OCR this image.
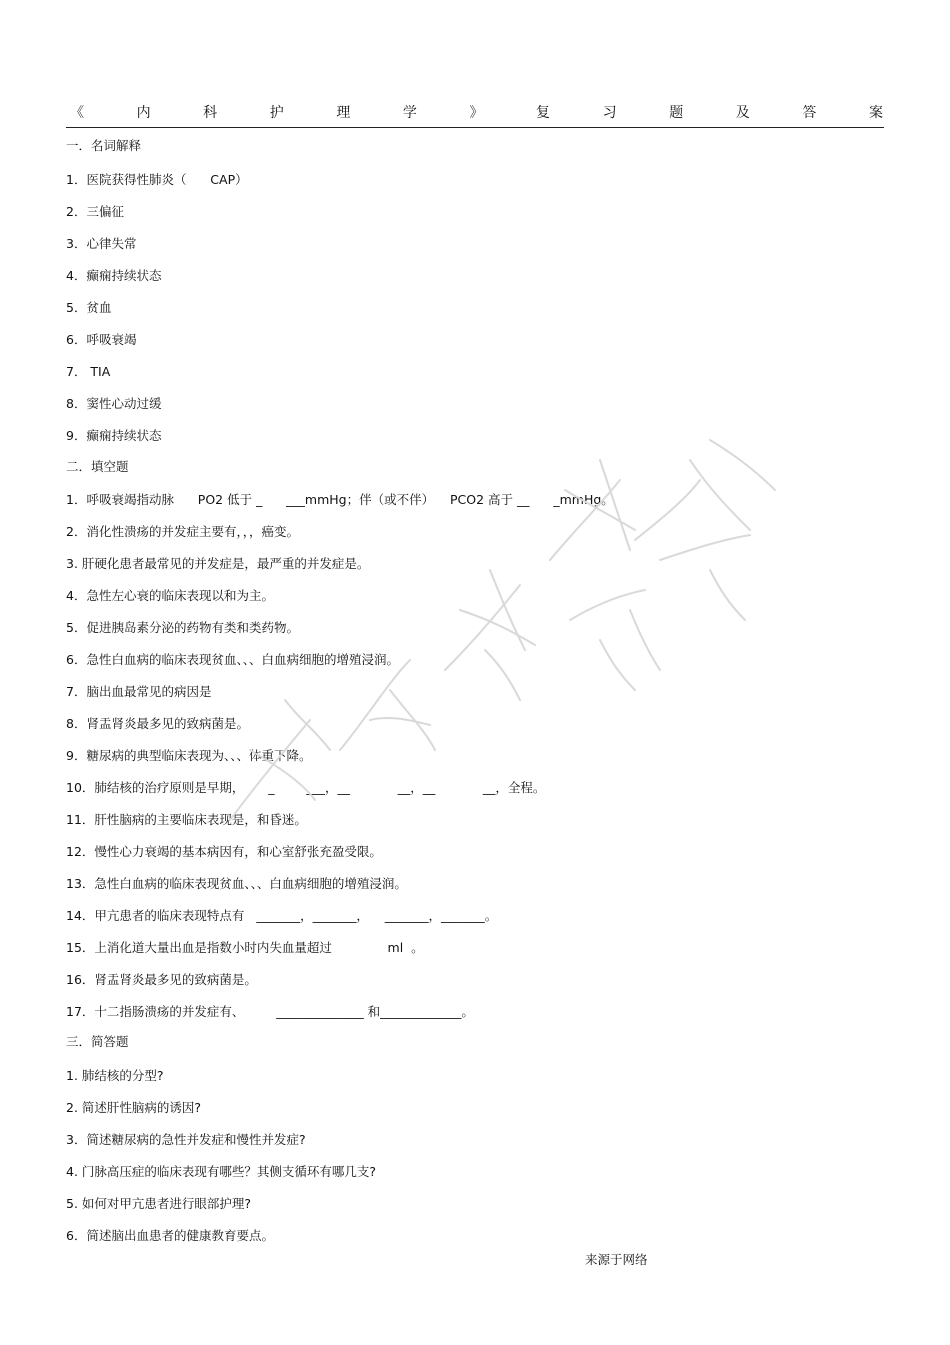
《	内	科	护	理	学	》	复	习	题	及	答	案
一．名词解释
1．医院获得性肺炎（      CAP）
2．三偏征
3．心律失常
4．癫痫持续状态
5．贫血
6．呼吸衰竭
7． TIA
8．窦性心动过缓
9．癫痫持续状态
二．填空题
1．呼吸衰竭指动脉      PO2 低于 _      ___mmHg；伴（或不伴）    PCO2 高于 __      _mmHg。
2．消化性溃疡的并发症主要有，，，癌变。
3. 肝硬化患者最常见的并发症是，最严重的并发症是。
4．急性左心衰的临床表现以和为主。
5．促进胰岛素分泌的药物有类和类药物。
6．急性白血病的临床表现贫血、、、白血病细胞的增殖浸润。
7．脑出血最常见的病因是
8．肾盂肾炎最多见的致病菌是。
9．糖尿病的典型临床表现为、、、体重下降。
10．肺结核的治疗原则是早期，      _        ___，__            __，__            __，全程。
11．肝性脑病的主要临床表现是，和昏迷。
12．慢性心力衰竭的基本病因有，和心室舒张充盈受限。
13．急性白血病的临床表现贫血、、、白血病细胞的增殖浸润。
14．甲亢患者的临床表现特点有   _______，_______，    _______，_______。
15．上消化道大量出血是指数小时内失血量超过              ml  。
16．肾盂肾炎最多见的致病菌是。
17．十二指肠溃疡的并发症有、        ______________ 和_____________。
三．简答题
1. 肺结核的分型?
2. 简述肝性脑病的诱因?
3．简述糖尿病的急性并发症和慢性并发症?
4. 门脉高压症的临床表现有哪些？其侧支循环有哪几支?
5. 如何对甲亢患者进行眼部护理?
6．简述脑出血患者的健康教育要点。
来源于网络
